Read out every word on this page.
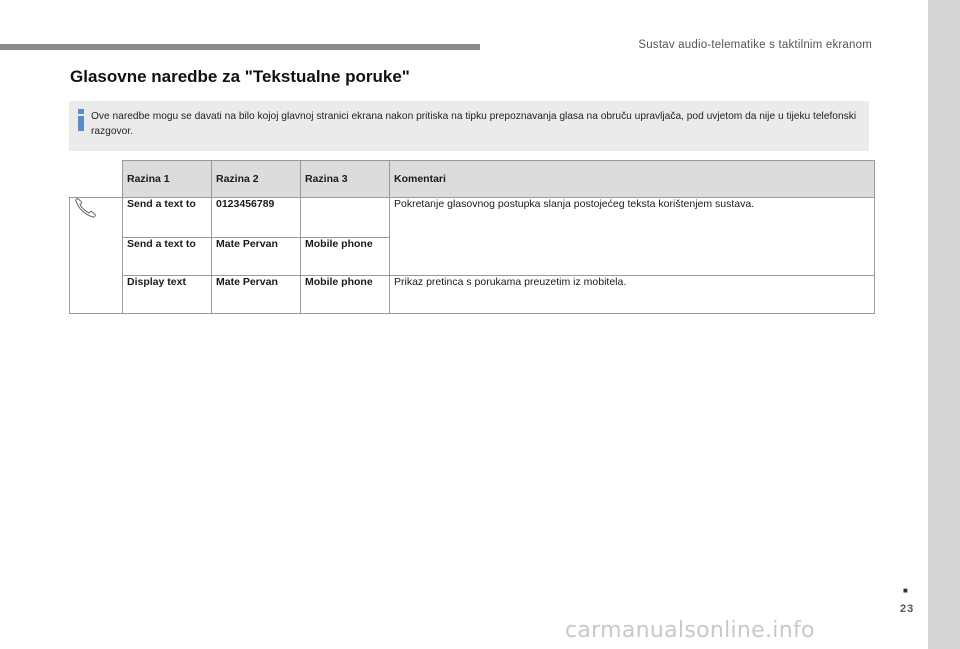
Sustav audio-telematike s taktilnim ekranom
Glasovne naredbe za "Tekstualne poruke"
Ove naredbe mogu se davati na bilo kojoj glavnoj stranici ekrana nakon pritiska na tipku prepoznavanja glasa na obruču upravljača, pod uvjetom da nije u tijeku telefonski razgovor.
	Razina 1	Razina 2	Razina 3	Komentari
	Send a text to	0123456789		Pokretanje glasovnog postupka slanja postojećeg teksta korištenjem sustava.
	Send a text to	Mate Pervan	Mobile phone	
	Display text	Mate Pervan	Mobile phone	Prikaz pretinca s porukama preuzetim iz mobitela.
■
23
carmanualsonline.info
